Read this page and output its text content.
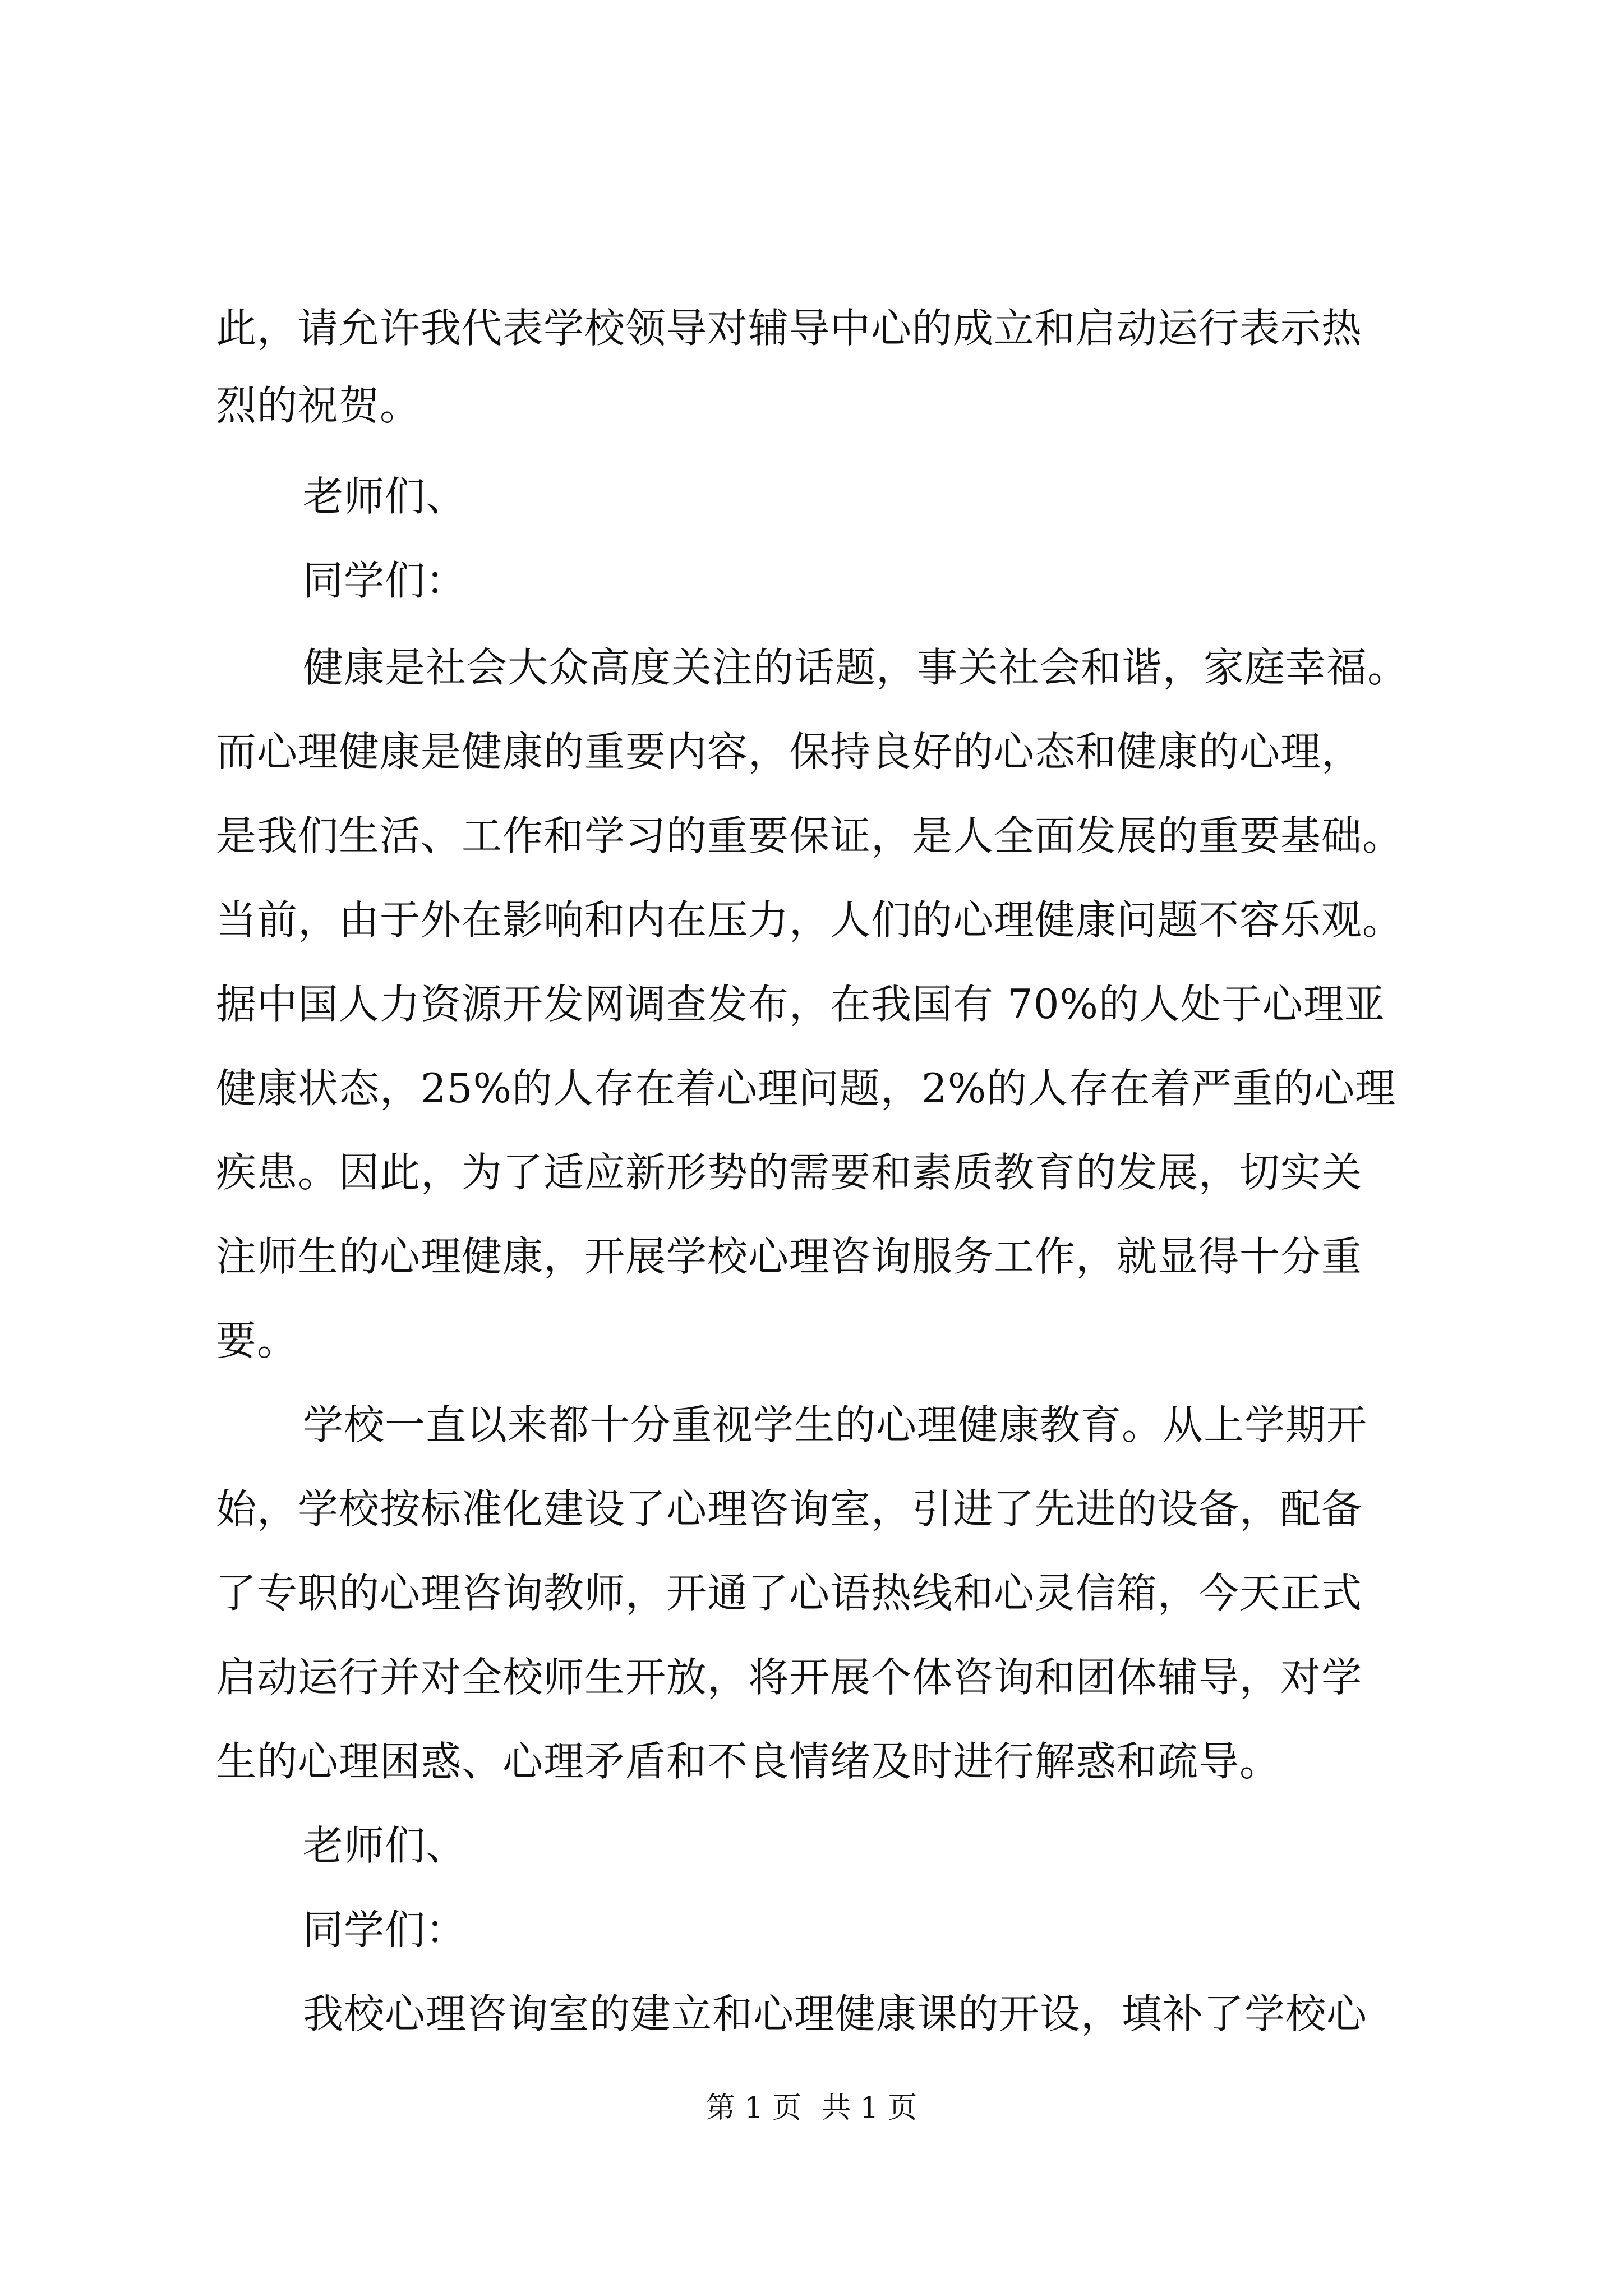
此，请允许我代表学校领导对辅导中心的成立和启动运行表示热
烈的祝贺。
老师们、
同学们：
健康是社会大众高度关注的话题，事关社会和谐，家庭幸福。
而心理健康是健康的重要内容，保持良好的心态和健康的心理，
是我们生活、工作和学习的重要保证，是人全面发展的重要基础。
当前，由于外在影响和内在压力，人们的心理健康问题不容乐观。
据中国人力资源开发网调查发布，在我国有 70%的人处于心理亚
健康状态，25%的人存在着心理问题，2%的人存在着严重的心理
疾患。因此，为了适应新形势的需要和素质教育的发展，切实关
注师生的心理健康，开展学校心理咨询服务工作，就显得十分重
要。
学校一直以来都十分重视学生的心理健康教育。从上学期开
始，学校按标准化建设了心理咨询室，引进了先进的设备，配备
了专职的心理咨询教师，开通了心语热线和心灵信箱，今天正式
启动运行并对全校师生开放，将开展个体咨询和团体辅导，对学
生的心理困惑、心理矛盾和不良情绪及时进行解惑和疏导。
老师们、
同学们：
我校心理咨询室的建立和心理健康课的开设，填补了学校心
第 1 页 共 1 页
